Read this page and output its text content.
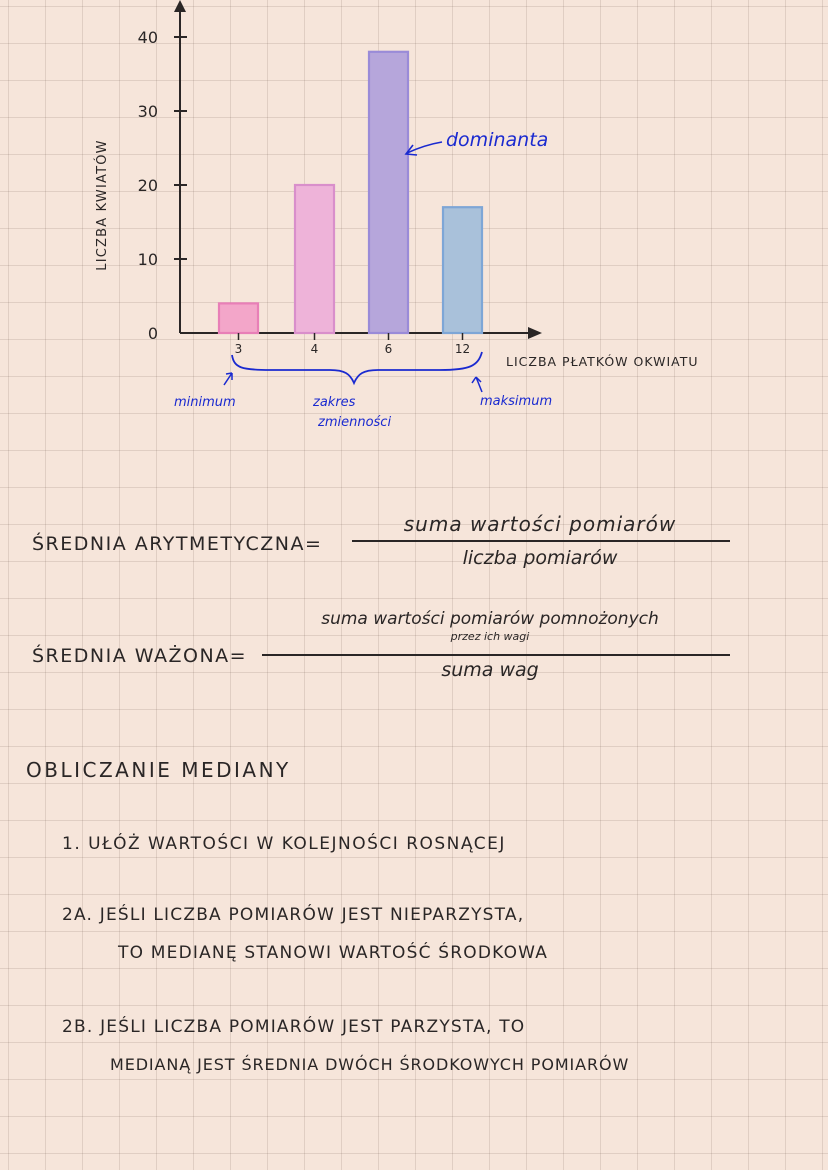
0
10
20
30
40
3	4	6	12
LICZBA KWIATÓW
LICZBA PŁATKÓW OKWIATU
dominanta
minimum	zakres
zmienności
maksimum
ŚREDNIA ARYTMETYCZNA=
suma wartości pomiarów
liczba pomiarów
ŚREDNIA WAŻONA=
suma wartości pomiarów pomnożonych
przez ich wagi
suma wag
OBLICZANIE MEDIANY
1. UŁÓŻ WARTOŚCI W KOLEJNOŚCI ROSNĄCEJ
2A. JEŚLI LICZBA POMIARÓW JEST NIEPARZYSTA,
TO MEDIANĘ STANOWI WARTOŚĆ ŚRODKOWA
2B. JEŚLI LICZBA POMIARÓW JEST PARZYSTA, TO
MEDIANĄ JEST ŚREDNIA DWÓCH ŚRODKOWYCH POMIARÓW
